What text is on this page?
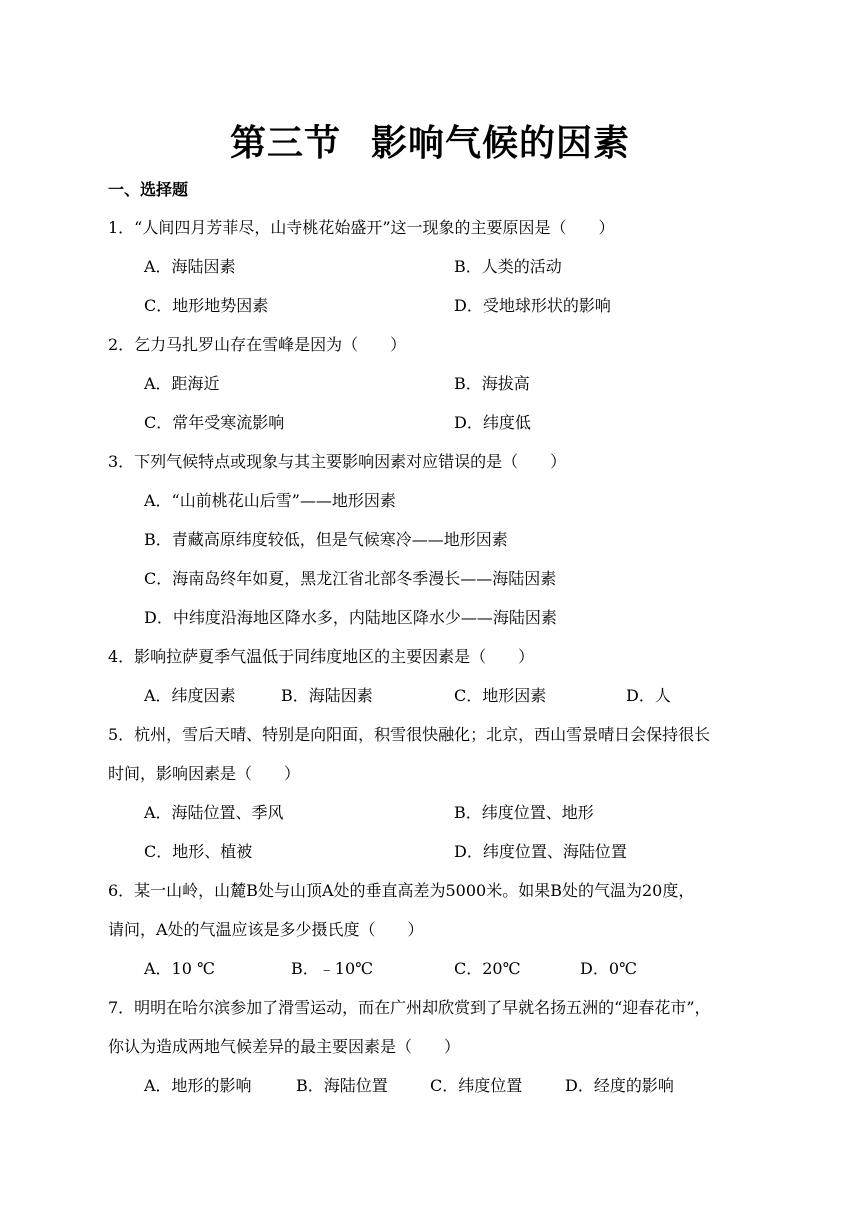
第三节 影响气候的因素
一、选择题
1．“人间四月芳菲尽，山寺桃花始盛开”这一现象的主要原因是（　　）
A．海陆因素	B．人类的活动
C．地形地势因素	D．受地球形状的影响
2．乞力马扎罗山存在雪峰是因为（　　）
A．距海近	B．海拔高
C．常年受寒流影响	D．纬度低
3．下列气候特点或现象与其主要影响因素对应错误的是（　　）
A．“山前桃花山后雪”——地形因素
B．青藏高原纬度较低，但是气候寒冷——地形因素
C．海南岛终年如夏，黑龙江省北部冬季漫长——海陆因素
D．中纬度沿海地区降水多，内陆地区降水少——海陆因素
4．影响拉萨夏季气温低于同纬度地区的主要因素是（　　）
A．纬度因素	B．海陆因素	C．地形因素	D．人
5．杭州，雪后天晴、特别是向阳面，积雪很快融化；北京，西山雪景晴日会保持很长
时间，影响因素是（　　）
A．海陆位置、季风	B．纬度位置、地形
C．地形、植被	D．纬度位置、海陆位置
6．某一山岭，山麓B处与山顶A处的垂直高差为5000米。如果B处的气温为20度，
请问，A处的气温应该是多少摄氏度（　　）
A．10 ℃	B．﹣10℃	C．20℃	D．0℃
7．明明在哈尔滨参加了滑雪运动，而在广州却欣赏到了早就名扬五洲的“迎春花市”，
你认为造成两地气候差异的最主要因素是（　　）
A．地形的影响	B．海陆位置	C．纬度位置	D．经度的影响
